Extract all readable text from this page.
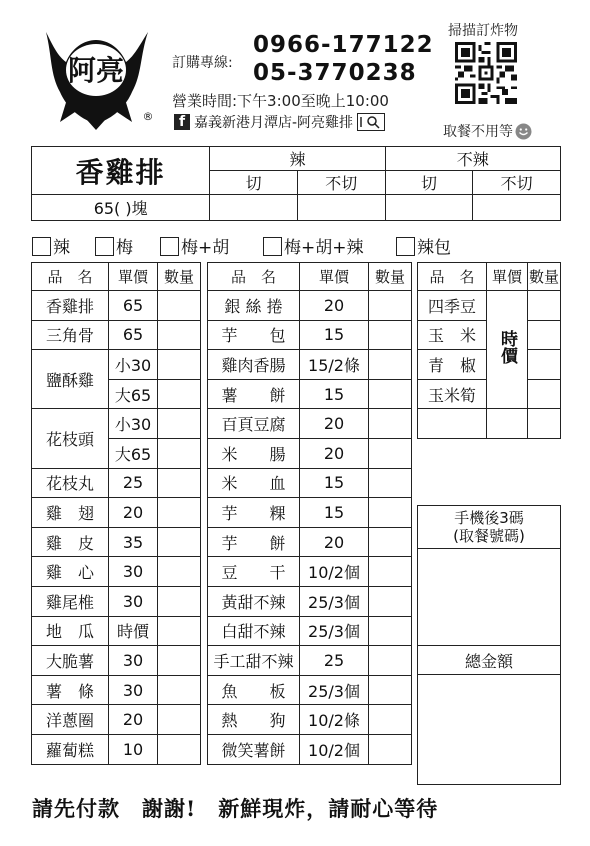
阿亮
®
訂購專線:
0966-177122
05-3770238
營業時間:下午3:00至晚上10:00
f 嘉義新港月潭店-阿亮雞排
掃描訂炸物
取餐不用等
香雞排	辣		不辣	
	切	不切	切	不切
65( )塊				
辣	梅	梅+胡	梅+胡+辣	辣包
品　名	單價	數量
香雞排	65	
三角骨	65	
鹽酥雞	小30	
	大65	
花枝頭	小30	
	大65	
花枝丸	25	
雞　翅	20	
雞　皮	35	
雞　心	30	
雞尾椎	30	
地　瓜	時價	
大脆薯	30	
薯　條	30	
洋蔥圈	20	
蘿蔔糕	10	
品　名	單價	數量
銀 絲 捲	20	
芋　　包	15	
雞肉香腸	15/2條	
薯　　餅	15	
百頁豆腐	20	
米　　腸	20	
米　　血	15	
芋　　粿	15	
芋　　餅	20	
豆　　干	10/2個	
黃甜不辣	25/3個	
白甜不辣	25/3個	
手工甜不辣	25	
魚　　板	25/3個	
熱　　狗	10/2條	
微笑薯餅	10/2個	
品　名	單價	數量
四季豆	時價	
玉　米		
青　椒		
玉米筍		

手機後3碼
(取餐號碼)

總金額

請先付款　謝謝!　新鮮現炸，請耐心等待
